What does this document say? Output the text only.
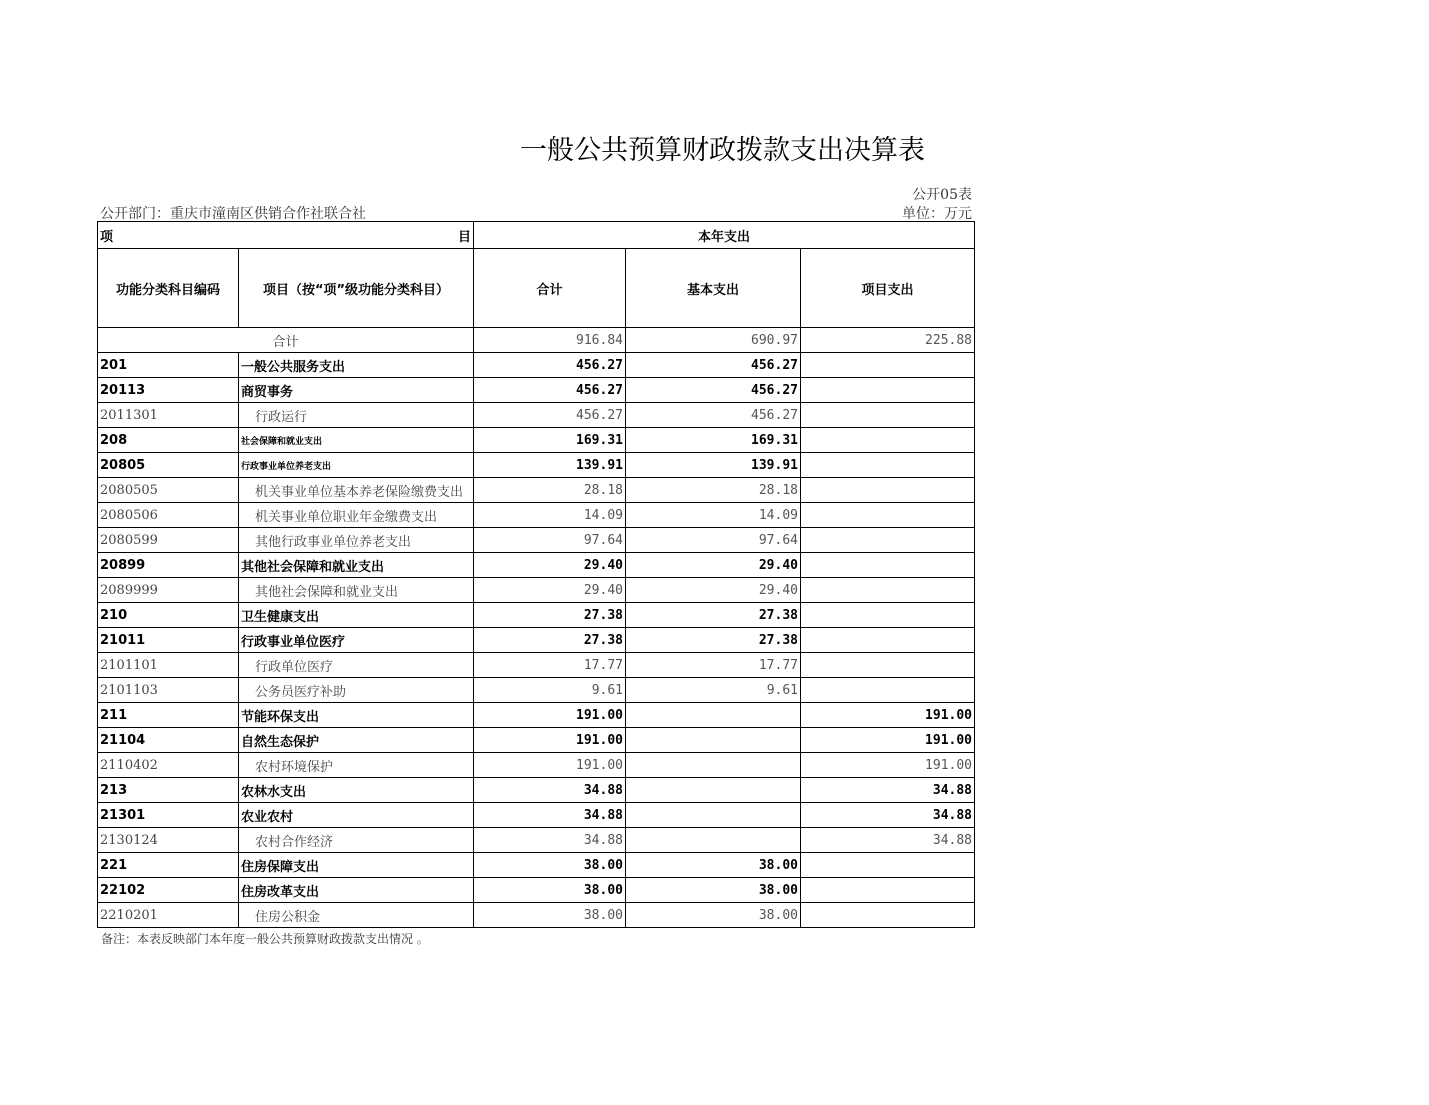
一般公共预算财政拨款支出决算表
公开05表
公开部门：重庆市潼南区供销合作社联合社	单位：万元
项 目		本年支出		
功能分类科目编码	项目（按“项”级功能分类科目）	合计	基本支出	项目支出
合计		916.84	690.97	225.88
201	一般公共服务支出	456.27	456.27	
20113	商贸事务	456.27	456.27	
2011301	行政运行	456.27	456.27	
208	社会保障和就业支出	169.31	169.31	
20805	行政事业单位养老支出	139.91	139.91	
2080505	机关事业单位基本养老保险缴费支出	28.18	28.18	
2080506	机关事业单位职业年金缴费支出	14.09	14.09	
2080599	其他行政事业单位养老支出	97.64	97.64	
20899	其他社会保障和就业支出	29.40	29.40	
2089999	其他社会保障和就业支出	29.40	29.40	
210	卫生健康支出	27.38	27.38	
21011	行政事业单位医疗	27.38	27.38	
2101101	行政单位医疗	17.77	17.77	
2101103	公务员医疗补助	9.61	9.61	
211	节能环保支出	191.00		191.00
21104	自然生态保护	191.00		191.00
2110402	农村环境保护	191.00		191.00
213	农林水支出	34.88		34.88
21301	农业农村	34.88		34.88
2130124	农村合作经济	34.88		34.88
221	住房保障支出	38.00	38.00	
22102	住房改革支出	38.00	38.00	
2210201	住房公积金	38.00	38.00	
备注：本表反映部门本年度一般公共预算财政拨款支出情况 。
